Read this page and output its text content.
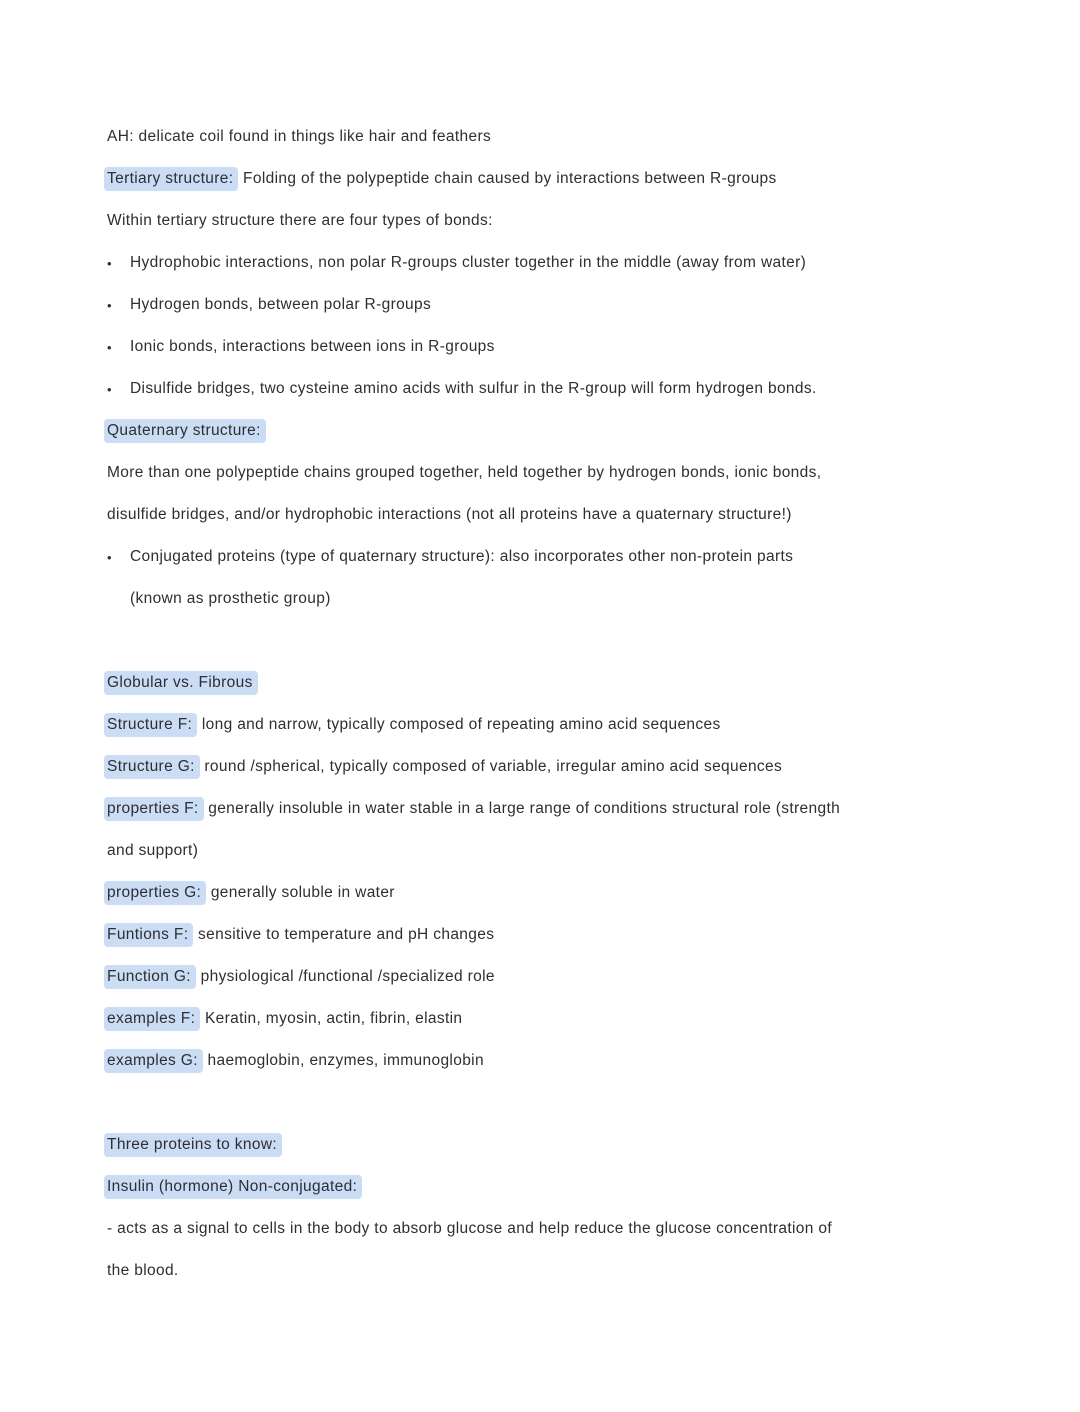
AH: delicate coil found in things like hair and feathers
Tertiary structure: Folding of the polypeptide chain caused by interactions between R-groups
Within tertiary structure there are four types of bonds:
•	Hydrophobic interactions, non polar R-groups cluster together in the middle (away from water)
•	Hydrogen bonds, between polar R-groups
•	Ionic bonds, interactions between ions in R-groups
•	Disulfide bridges, two cysteine amino acids with sulfur in the R-group will form hydrogen bonds.
Quaternary structure:
More than one polypeptide chains grouped together, held together by hydrogen bonds, ionic bonds,
disulfide bridges, and/or hydrophobic interactions (not all proteins have a quaternary structure!)
•	Conjugated proteins (type of quaternary structure): also incorporates other non-protein parts
(known as prosthetic group)
Globular vs. Fibrous
Structure F: long and narrow, typically composed of repeating amino acid sequences
Structure G: round /spherical, typically composed of variable, irregular amino acid sequences
properties F: generally insoluble in water stable in a large range of conditions structural role (strength
and support)
properties G: generally soluble in water
Funtions F: sensitive to temperature and pH changes
Function G: physiological /functional /specialized role
examples F: Keratin, myosin, actin, fibrin, elastin
examples G: haemoglobin, enzymes, immunoglobin
Three proteins to know:
Insulin (hormone) Non-conjugated:
- acts as a signal to cells in the body to absorb glucose and help reduce the glucose concentration of
the blood.
